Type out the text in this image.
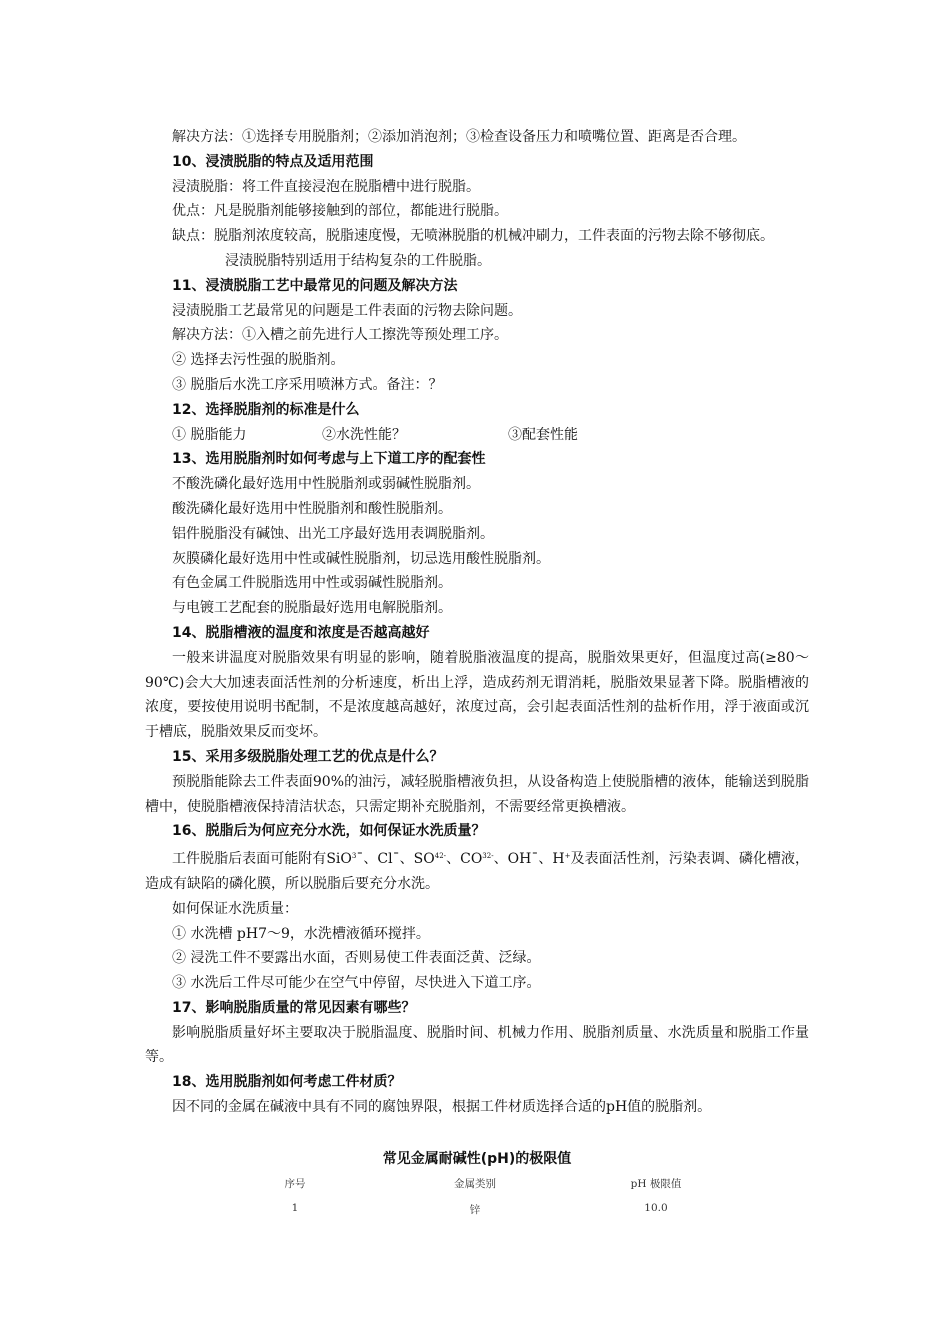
解决方法：①选择专用脱脂剂；②添加消泡剂；③检查设备压力和喷嘴位置、距离是否合理。
10、浸渍脱脂的特点及适用范围
浸渍脱脂：将工件直接浸泡在脱脂槽中进行脱脂。
优点：凡是脱脂剂能够接触到的部位，都能进行脱脂。
缺点：脱脂剂浓度较高，脱脂速度慢，无喷淋脱脂的机械冲刷力，工件表面的污物去除不够彻底。
浸渍脱脂特别适用于结构复杂的工件脱脂。
11、浸渍脱脂工艺中最常见的问题及解决方法
浸渍脱脂工艺最常见的问题是工件表面的污物去除问题。
解决方法：①入槽之前先进行人工擦洗等预处理工序。
② 选择去污性强的脱脂剂。
③ 脱脂后水洗工序采用喷淋方式。备注：？
12、选择脱脂剂的标准是什么
① 脱脂能力	②水洗性能？	③配套性能
13、选用脱脂剂时如何考虑与上下道工序的配套性
不酸洗磷化最好选用中性脱脂剂或弱碱性脱脂剂。
酸洗磷化最好选用中性脱脂剂和酸性脱脂剂。
铝件脱脂没有碱蚀、出光工序最好选用表调脱脂剂。
灰膜磷化最好选用中性或碱性脱脂剂，切忌选用酸性脱脂剂。
有色金属工件脱脂选用中性或弱碱性脱脂剂。
与电镀工艺配套的脱脂最好选用电解脱脂剂。
14、脱脂槽液的温度和浓度是否越高越好
一般来讲温度对脱脂效果有明显的影响，随着脱脂液温度的提高，脱脂效果更好，但温度过高(≥80～90℃)会大大加速表面活性剂的分析速度，析出上浮，造成药剂无谓消耗，脱脂效果显著下降。脱脂槽液的浓度，要按使用说明书配制，不是浓度越高越好，浓度过高，会引起表面活性剂的盐析作用，浮于液面或沉于槽底，脱脂效果反而变坏。
15、采用多级脱脂处理工艺的优点是什么？
预脱脂能除去工件表面90%的油污，减轻脱脂槽液负担，从设备构造上使脱脂槽的液体，能输送到脱脂槽中，使脱脂槽液保持清洁状态，只需定期补充脱脂剂，不需要经常更换槽液。
16、脱脂后为何应充分水洗，如何保证水洗质量？
工件脱脂后表面可能附有SiO$^3$¯、Cl¯、$SO^{42-}$、$CO^{32-}$、OH¯、H+及表面活性剂，污染表调、磷化槽液，造成有缺陷的磷化膜，所以脱脂后要充分水洗。
如何保证水洗质量：
① 水洗槽 pH7～9，水洗槽液循环搅拌。
② 浸洗工件不要露出水面，否则易使工件表面泛黄、泛绿。
③ 水洗后工件尽可能少在空气中停留，尽快进入下道工序。
17、影响脱脂质量的常见因素有哪些？
影响脱脂质量好坏主要取决于脱脂温度、脱脂时间、机械力作用、脱脂剂质量、水洗质量和脱脂工作量等。
18、选用脱脂剂如何考虑工件材质？
因不同的金属在碱液中具有不同的腐蚀界限，根据工件材质选择合适的pH值的脱脂剂。
常见金属耐碱性(pH)的极限值
序号	金属类别	pH 极限值
1	锌	10.0
